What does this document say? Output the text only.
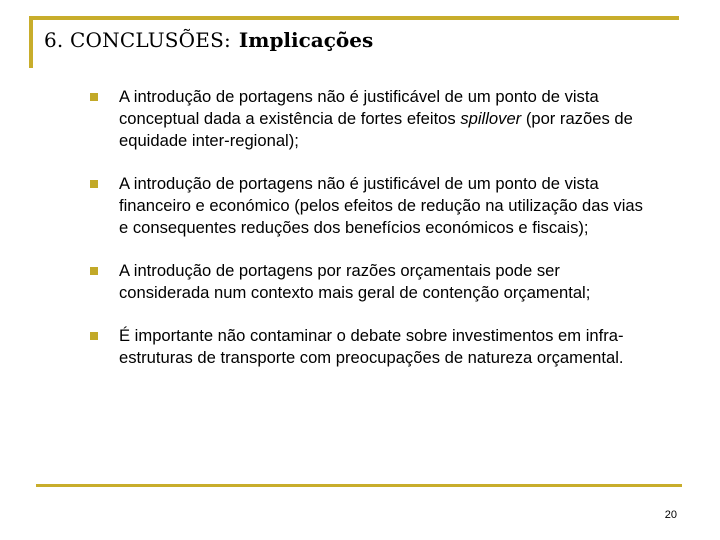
6. CONCLUSÕES: Implicações
A introdução de portagens não é justificável de um ponto de vista conceptual dada a existência de fortes efeitos spillover (por razões de equidade inter-regional);
A introdução de portagens não é justificável de um ponto de vista financeiro e económico (pelos efeitos de redução na utilização das vias e consequentes reduções dos benefícios económicos e fiscais);
A introdução de portagens por razões orçamentais pode ser considerada num contexto mais geral de contenção orçamental;
É importante não contaminar o debate sobre investimentos em infra-estruturas de transporte com preocupações de natureza orçamental.
20
